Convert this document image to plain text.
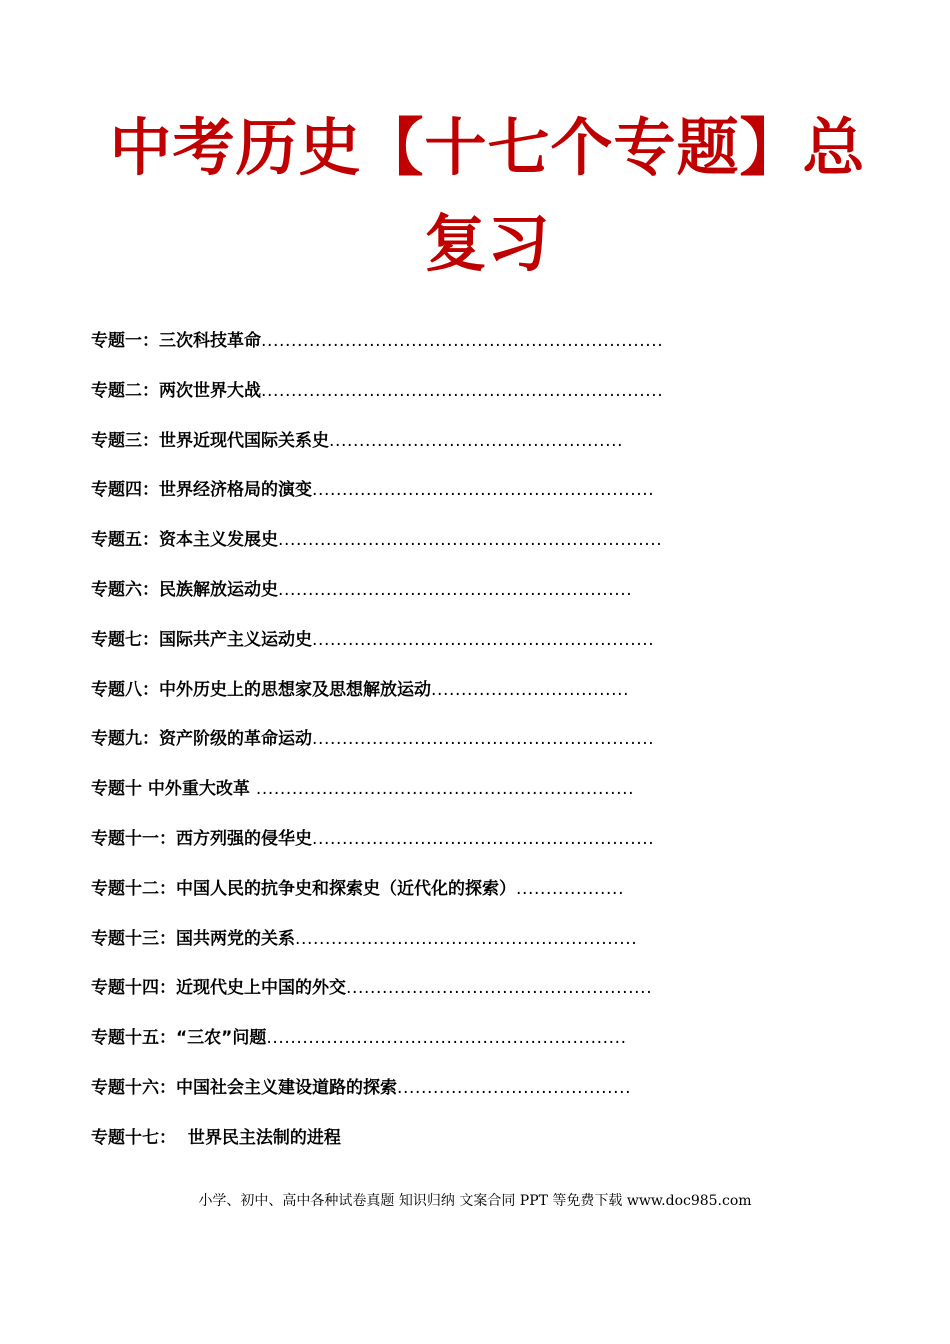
中考历史【十七个专题】总复习
专题一：三次科技革命...................................................................
专题二：两次世界大战...................................................................
专题三：世界近现代国际关系史.................................................
专题四：世界经济格局的演变.........................................................
专题五：资本主义发展史................................................................
专题六：民族解放运动史...........................................................
专题七：国际共产主义运动史.........................................................
专题八：中外历史上的思想家及思想解放运动.................................
专题九：资产阶级的革命运动.........................................................
专题十 中外重大改革 ...............................................................
专题十一：西方列强的侵华史.........................................................
专题十二：中国人民的抗争史和探索史（近代化的探索）..................
专题十三：国共两党的关系.........................................................
专题十四：近现代史上中国的外交...................................................
专题十五：“三农”问题............................................................
专题十六：中国社会主义建设道路的探索.......................................
专题十七：  世界民主法制的进程

小学、初中、高中各种试卷真题 知识归纳 文案合同 PPT 等免费下载 www.doc985.com
